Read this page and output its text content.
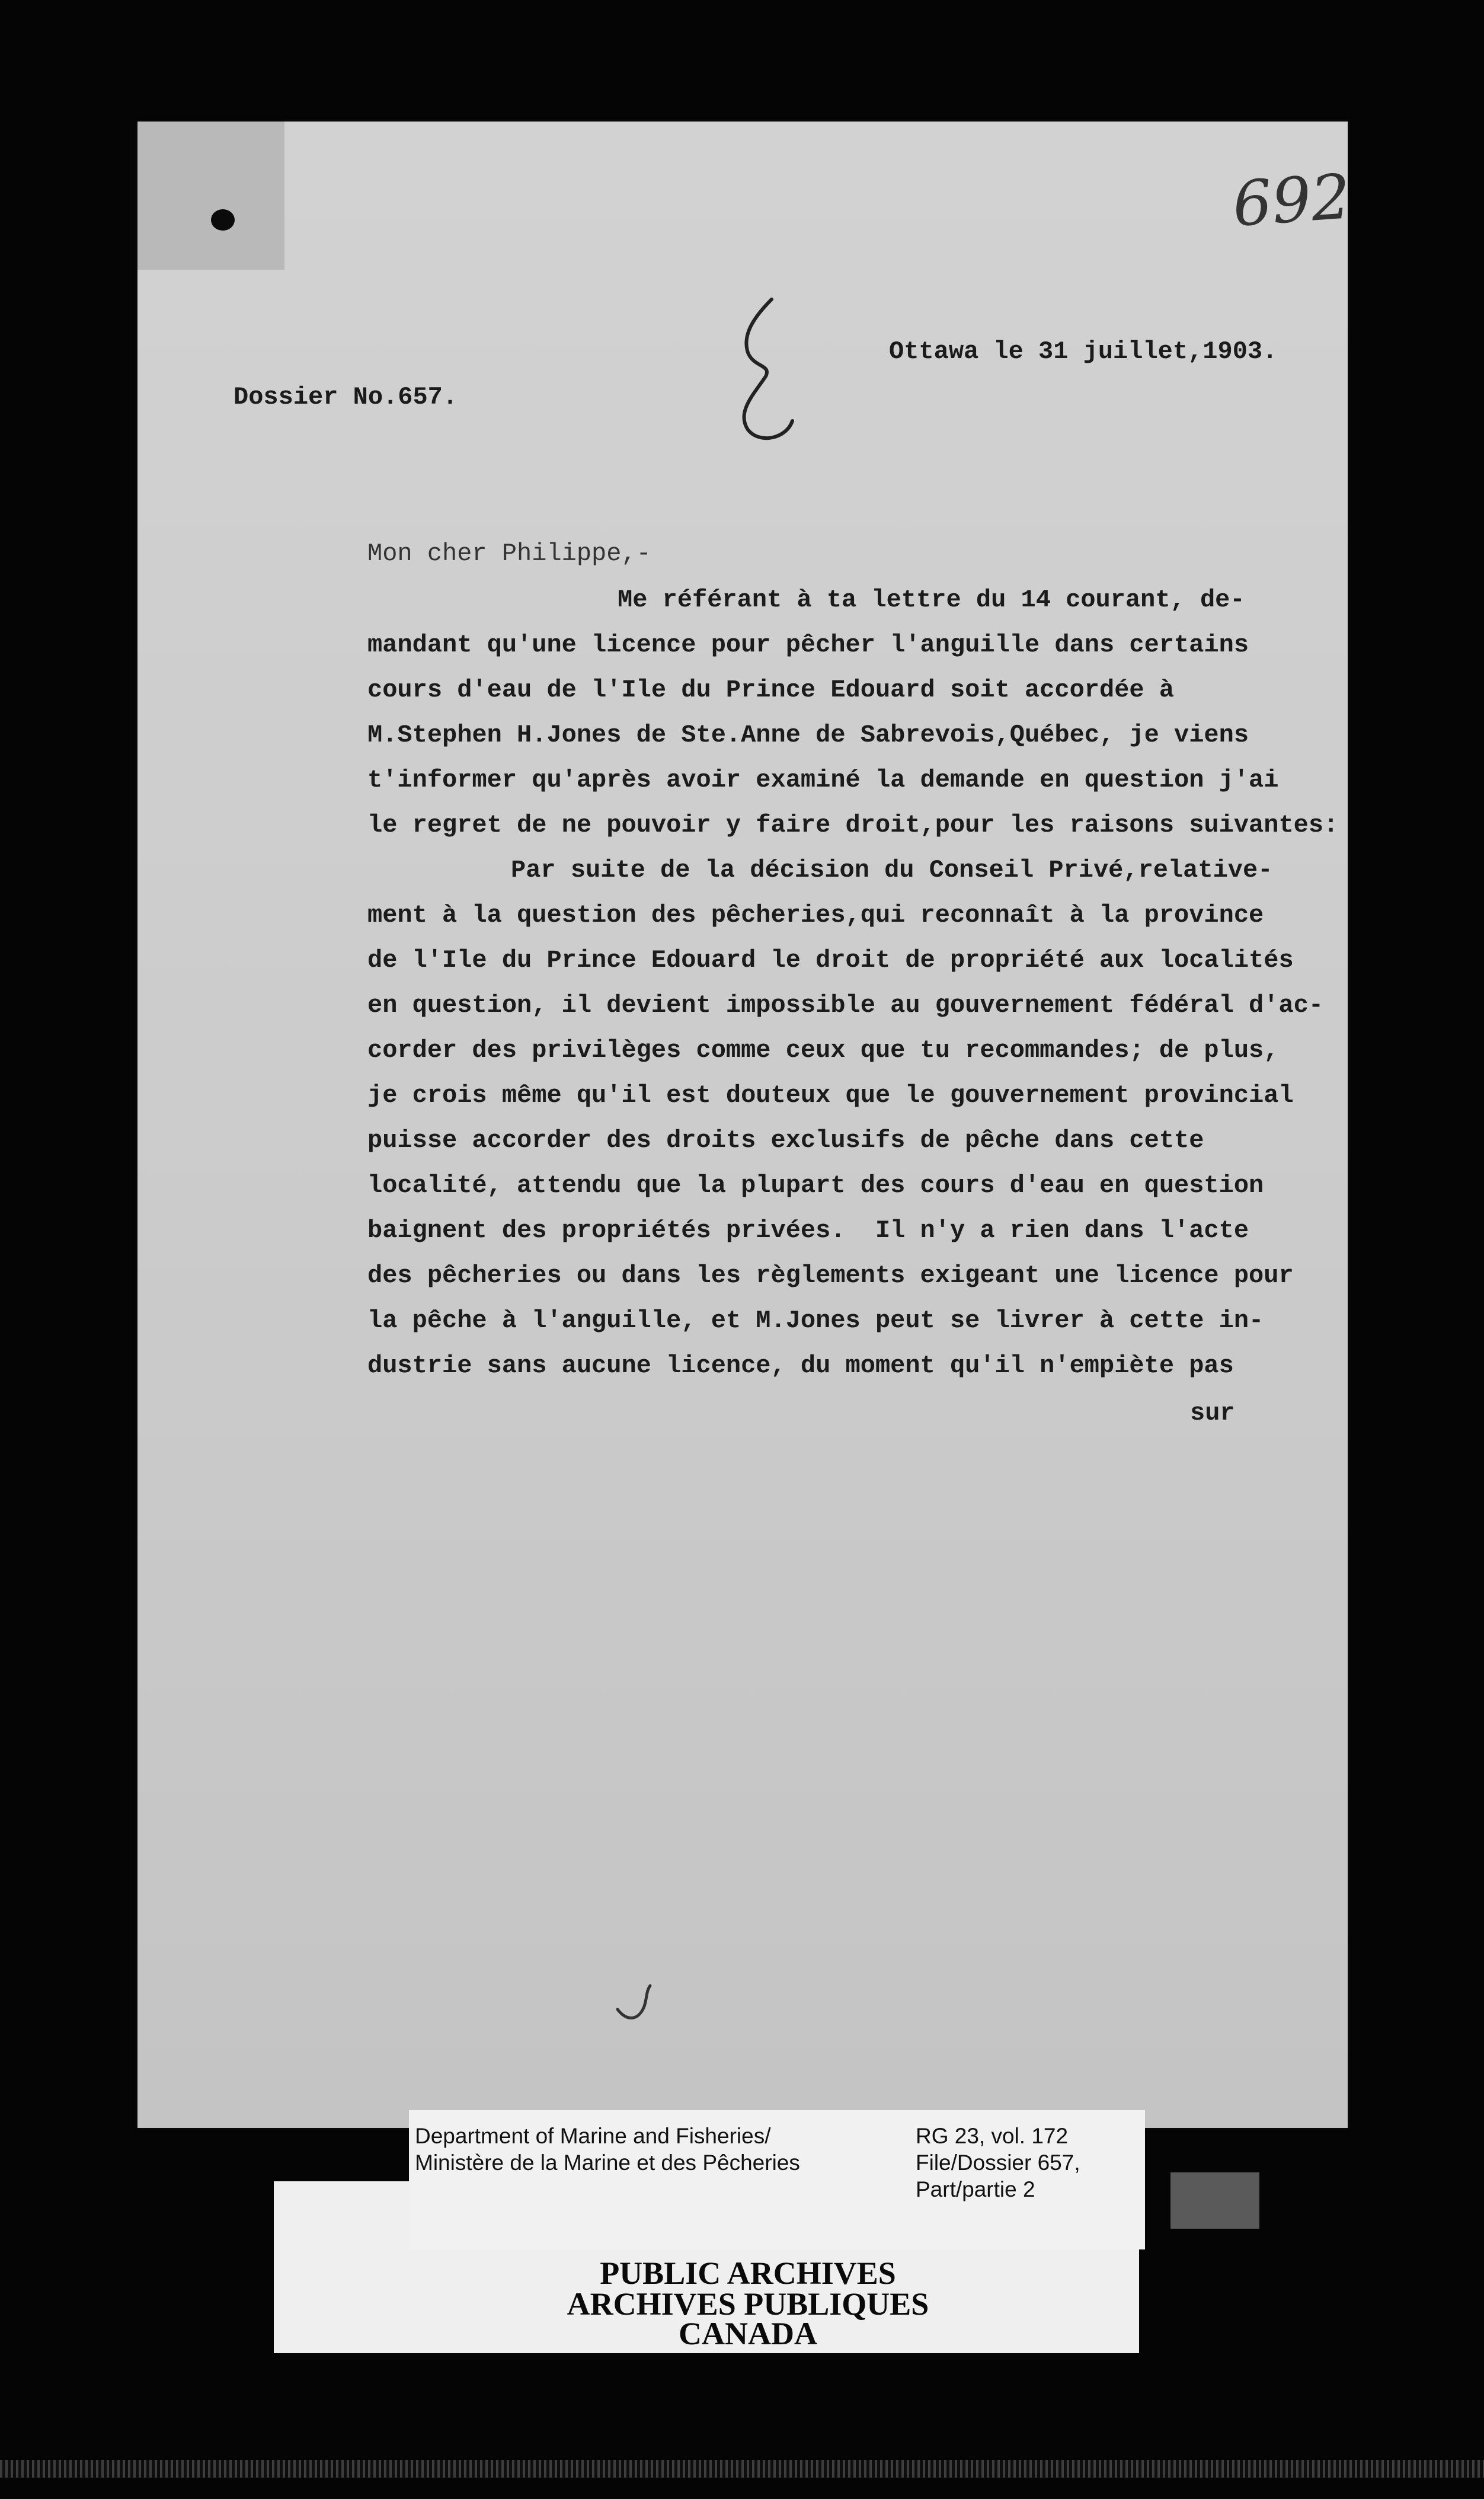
692
Ottawa le 31 juillet,1903.
Dossier No.657.
Mon cher Philippe,-
Me référant à ta lettre du 14 courant, de-
mandant qu'une licence pour pêcher l'anguille dans certains
cours d'eau de l'Ile du Prince Edouard soit accordée à
M.Stephen H.Jones de Ste.Anne de Sabrevois,Québec, je viens
t'informer qu'après avoir examiné la demande en question j'ai
le regret de ne pouvoir y faire droit,pour les raisons suivantes:
Par suite de la décision du Conseil Privé,relative-
ment à la question des pêcheries,qui reconnaît à la province
de l'Ile du Prince Edouard le droit de propriété aux localités
en question, il devient impossible au gouvernement fédéral d'ac-
corder des privilèges comme ceux que tu recommandes; de plus,
je crois même qu'il est douteux que le gouvernement provincial
puisse accorder des droits exclusifs de pêche dans cette
localité, attendu que la plupart des cours d'eau en question
baignent des propriétés privées.  Il n'y a rien dans l'acte
des pêcheries ou dans les règlements exigeant une licence pour
la pêche à l'anguille, et M.Jones peut se livrer à cette in-
dustrie sans aucune licence, du moment qu'il n'empiète pas
sur
Department of Marine and Fisheries/
Ministère de la Marine et des Pêcheries
RG 23, vol. 172
File/Dossier 657,
Part/partie 2
PUBLIC ARCHIVES
ARCHIVES PUBLIQUES
CANADA
